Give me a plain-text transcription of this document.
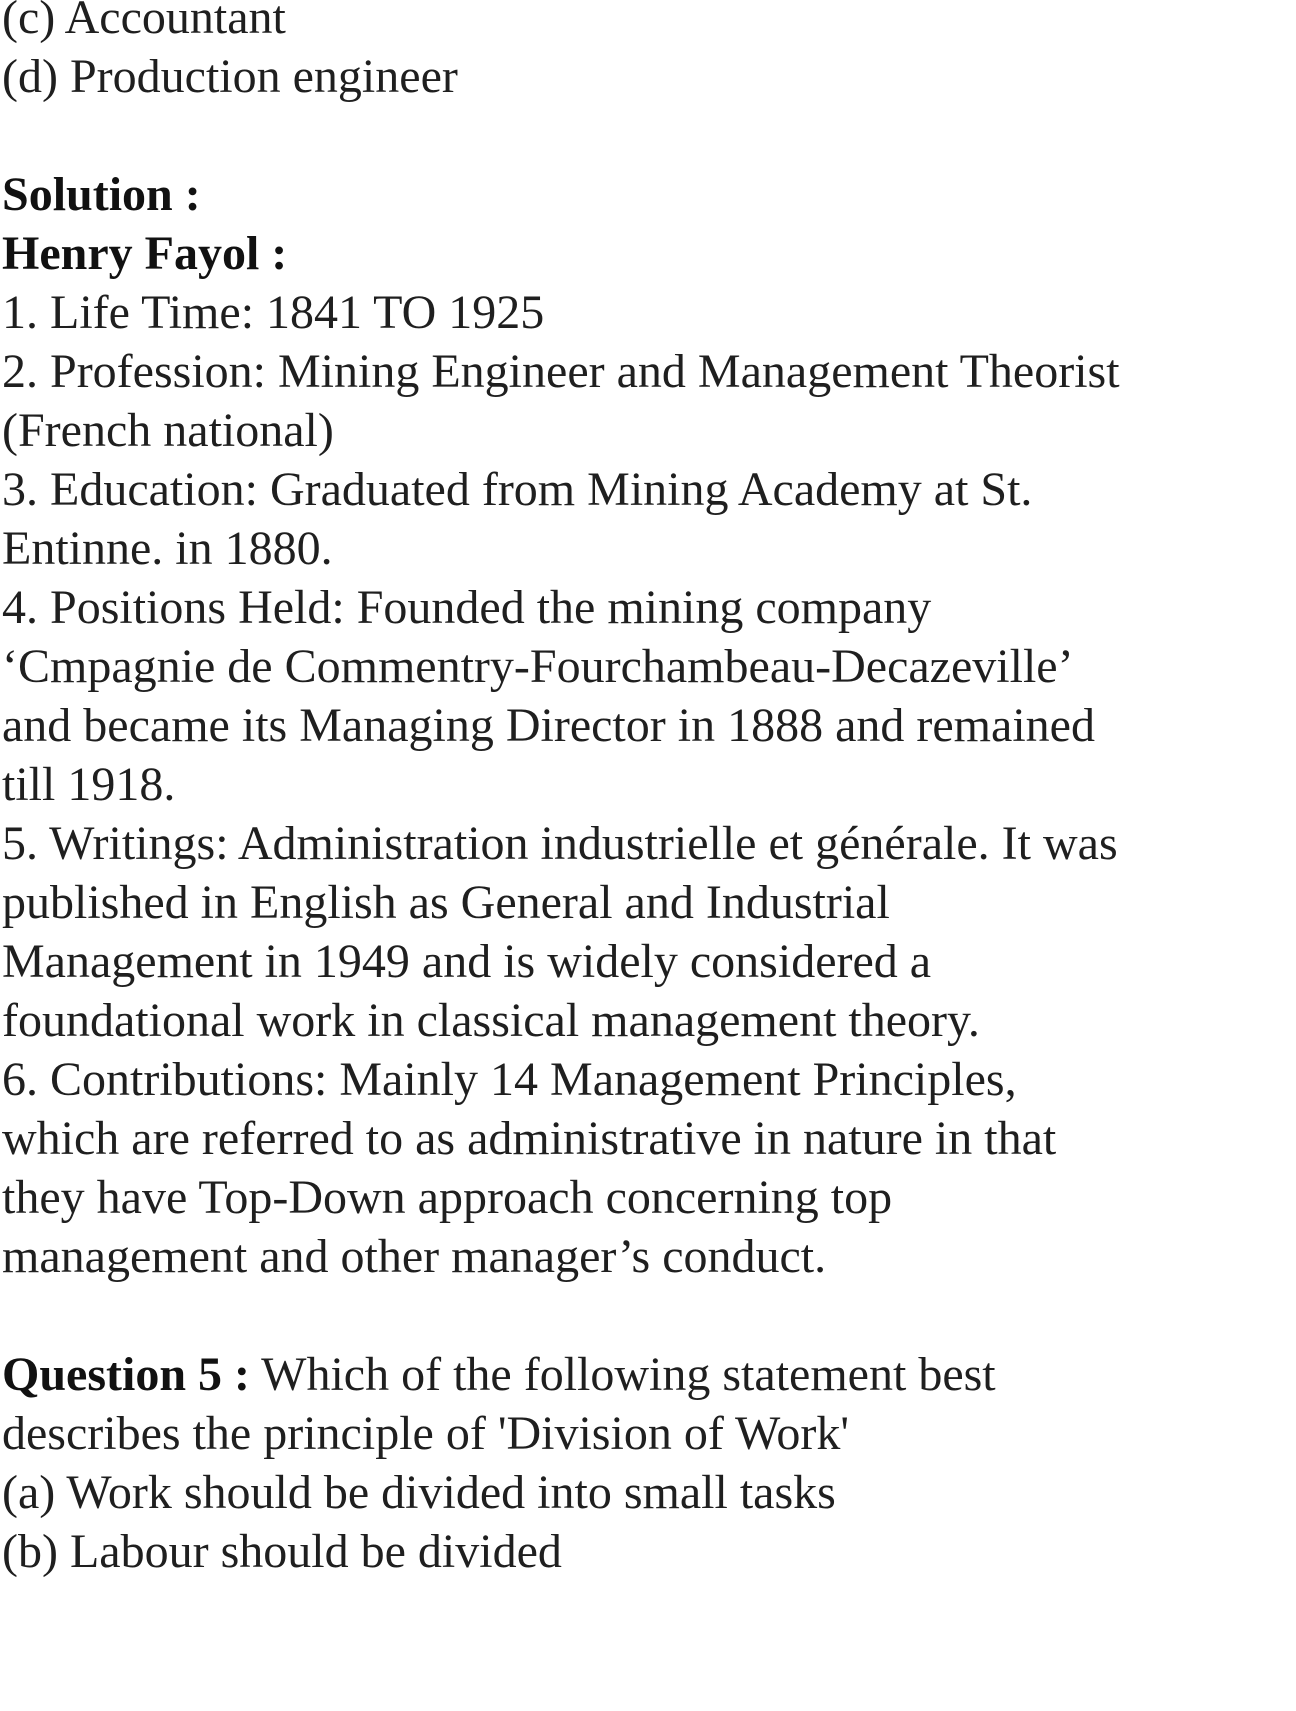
(c) Accountant

(d) Production engineer

Solution :

Henry Fayol :

1. Life Time: 1841 TO 1925

2. Profession: Mining Engineer and Management Theorist

(French national)

3. Education: Graduated from Mining Academy at St.

Entinne. in 1880.

4. Positions Held: Founded the mining company

‘Cmpagnie de Commentry-Fourchambeau-Decazeville’

and became its Managing Director in 1888 and remained

till 1918.

5. Writings: Administration industrielle et générale. It was

published in English as General and Industrial

Management in 1949 and is widely considered a

foundational work in classical management theory.

6. Contributions: Mainly 14 Management Principles,

which are referred to as administrative in nature in that

they have Top-Down approach concerning top

management and other manager’s conduct.

Question 5 : Which of the following statement best

describes the principle of 'Division of Work'

(a) Work should be divided into small tasks

(b) Labour should be divided
